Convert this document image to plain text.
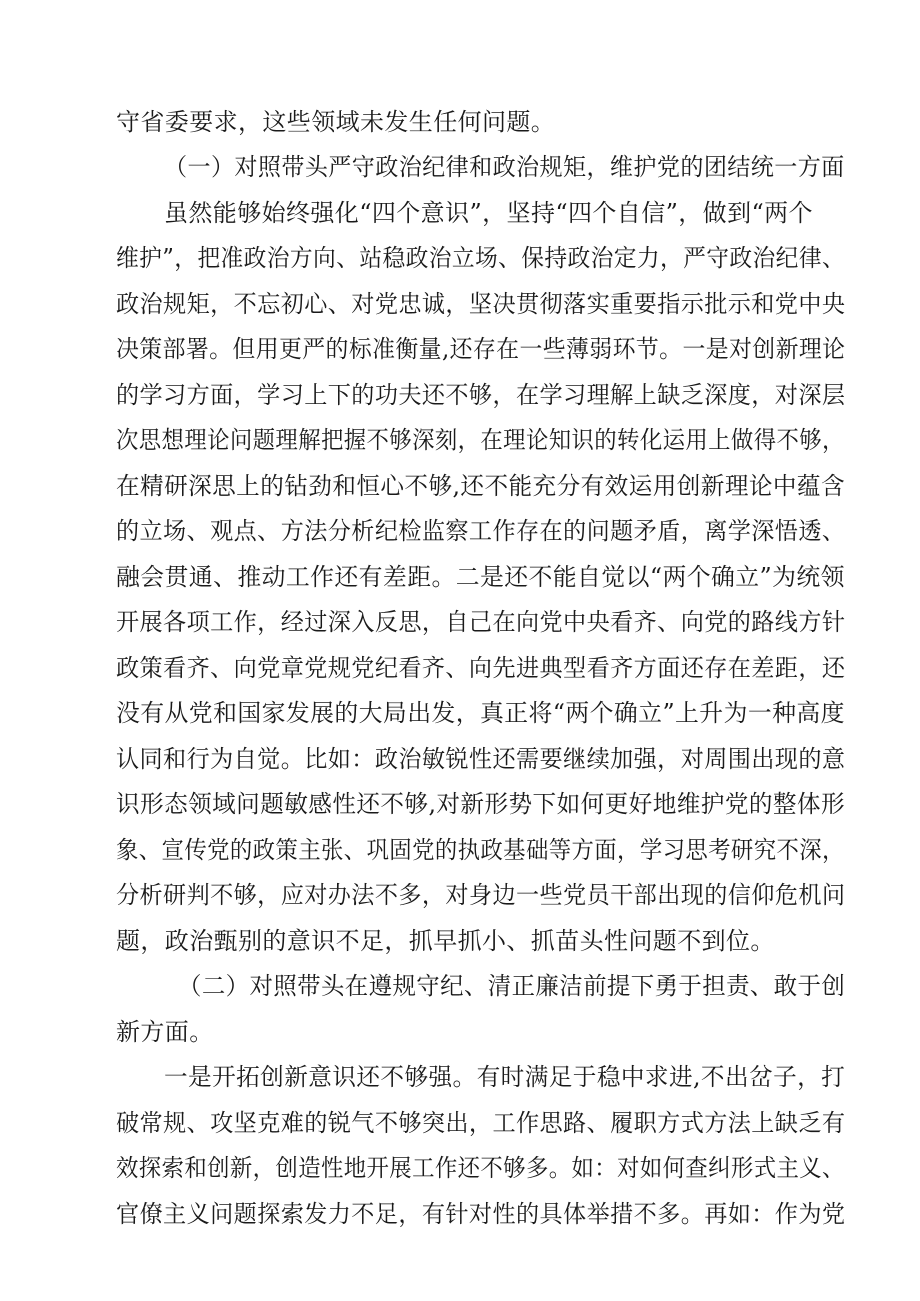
守省委要求，这些领域未发生任何问题。
（一）对照带头严守政治纪律和政治规矩，维护党的团结统一方面
虽然能够始终强化“四个意识”，坚持“四个自信”，做到“两个
维护”，把准政治方向、站稳政治立场、保持政治定力，严守政治纪律、
政治规矩，不忘初心、对党忠诚，坚决贯彻落实重要指示批示和党中央
决策部署。但用更严的标准衡量,还存在一些薄弱环节。一是对创新理论
的学习方面，学习上下的功夫还不够，在学习理解上缺乏深度，对深层
次思想理论问题理解把握不够深刻，在理论知识的转化运用上做得不够，
在精研深思上的钻劲和恒心不够,还不能充分有效运用创新理论中蕴含
的立场、观点、方法分析纪检监察工作存在的问题矛盾，离学深悟透、
融会贯通、推动工作还有差距。二是还不能自觉以“两个确立”为统领
开展各项工作，经过深入反思，自己在向党中央看齐、向党的路线方针
政策看齐、向党章党规党纪看齐、向先进典型看齐方面还存在差距，还
没有从党和国家发展的大局出发，真正将“两个确立”上升为一种高度
认同和行为自觉。比如：政治敏锐性还需要继续加强，对周围出现的意
识形态领域问题敏感性还不够,对新形势下如何更好地维护党的整体形
象、宣传党的政策主张、巩固党的执政基础等方面，学习思考研究不深，
分析研判不够，应对办法不多，对身边一些党员干部出现的信仰危机问
题，政治甄别的意识不足，抓早抓小、抓苗头性问题不到位。
（二）对照带头在遵规守纪、清正廉洁前提下勇于担责、敢于创
新方面。
一是开拓创新意识还不够强。有时满足于稳中求进,不出岔子，打
破常规、攻坚克难的锐气不够突出，工作思路、履职方式方法上缺乏有
效探索和创新，创造性地开展工作还不够多。如：对如何查纠形式主义、
官僚主义问题探索发力不足，有针对性的具体举措不多。再如：作为党
